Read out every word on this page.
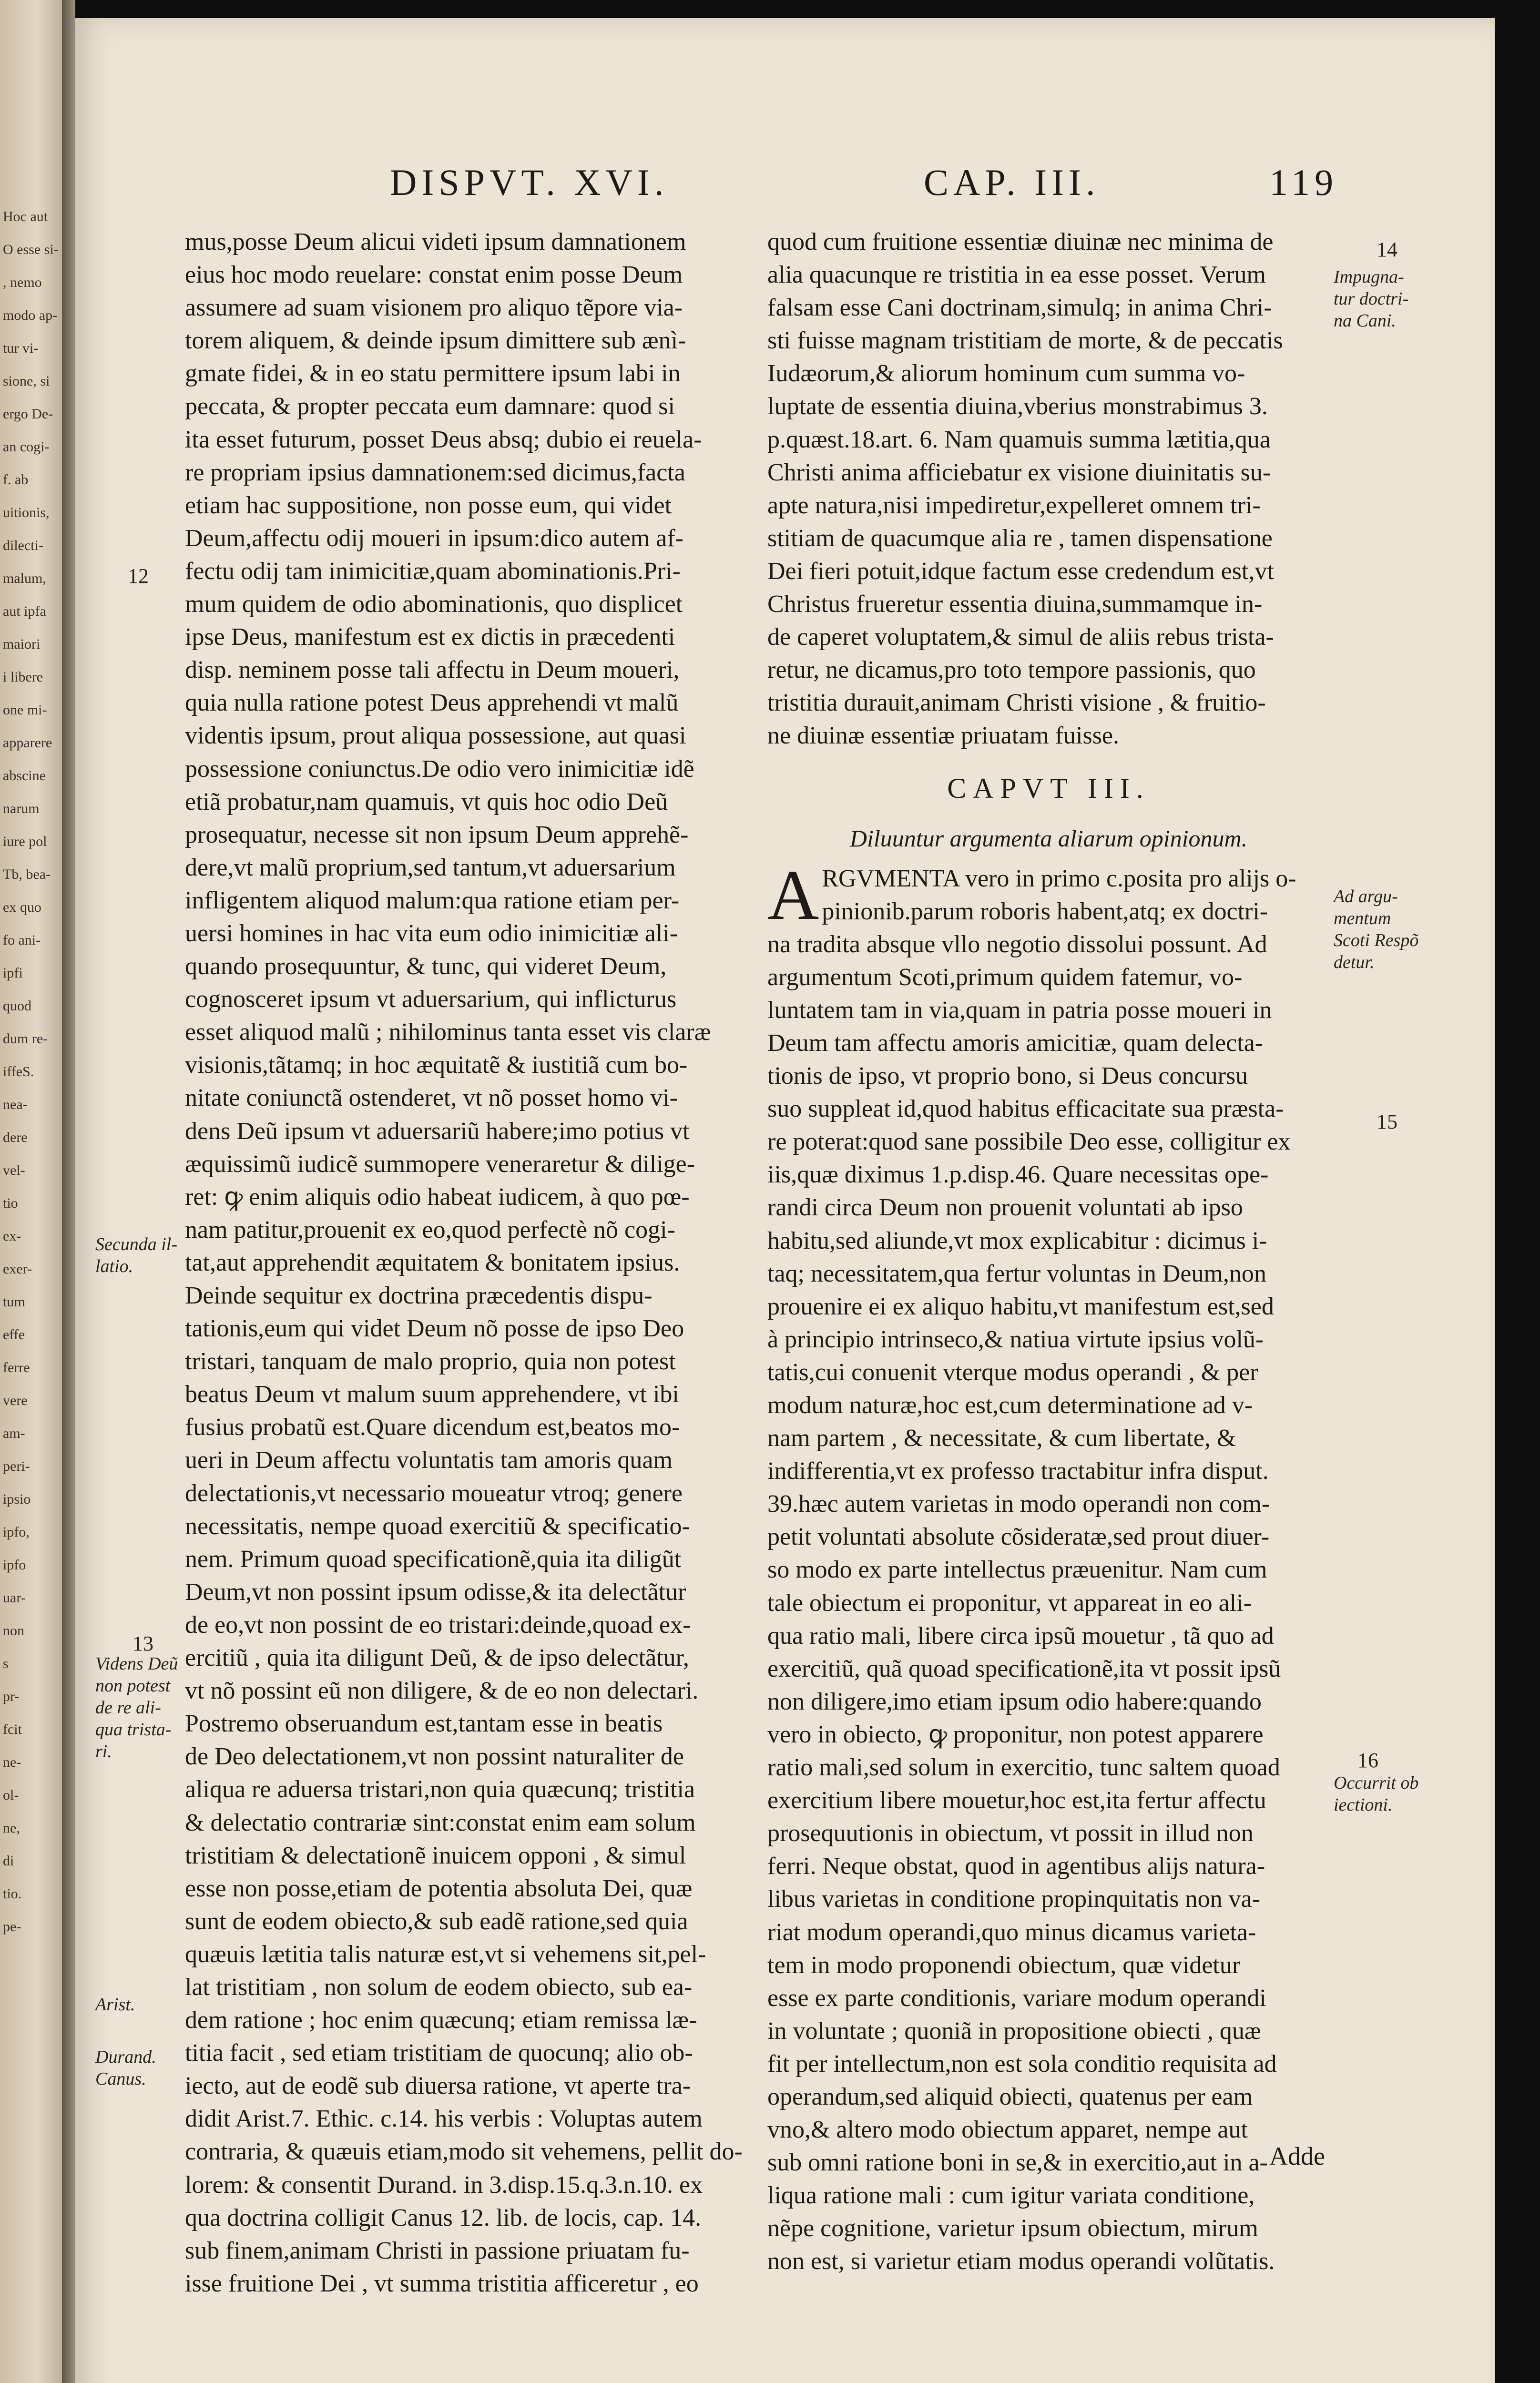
Hoc aut
O esse si-
, nemo
modo ap-
tur vi-
sione, si
ergo De-
an cogi-
f. ab
uitionis,
dilecti-
malum,
aut ipfa
maiori
i libere
one mi-
apparere
abscine
narum
iure pol
Tb, bea-
ex quo
fo ani-
ipfi
quod
dum re-
iffeS.
nea-
dere
vel-
tio
ex-
exer-
tum
effe
ferre
vere
am-
peri-
ipsio
ipfo,
ipfo
uar-
non
s
pr-
fcit
ne-
ol-
ne,
di
tio.
pe-
DISPVT. XVI.	CAP. III.	119
mus,posse Deum alicui videti ipsum damnationem
eius hoc modo reuelare: constat enim posse Deum
assumere ad suam visionem pro aliquo tẽpore via-
torem aliquem, & deinde ipsum dimittere sub ænì-
gmate fidei, & in eo statu permittere ipsum labi in
peccata, & propter peccata eum damnare: quod si
ita esset futurum, posset Deus absq; dubio ei reuela-
re propriam ipsius damnationem:sed dicimus,facta
etiam hac suppositione, non posse eum, qui videt
Deum,affectu odij moueri in ipsum:dico autem af-
fectu odij tam inimicitiæ,quam abominationis.Pri-
mum quidem de odio abominationis, quo displicet
ipse Deus, manifestum est ex dictis in præcedenti
disp. neminem posse tali affectu in Deum moueri,
quia nulla ratione potest Deus apprehendi vt malũ
videntis ipsum, prout aliqua possessione, aut quasi
possessione coniunctus.De odio vero inimicitiæ idẽ
etiã probatur,nam quamuis, vt quis hoc odio Deũ
prosequatur, necesse sit non ipsum Deum apprehẽ-
dere,vt malũ proprium,sed tantum,vt aduersarium
infligentem aliquod malum:qua ratione etiam per-
uersi homines in hac vita eum odio inimicitiæ ali-
quando prosequuntur, & tunc, qui videret Deum,
cognosceret ipsum vt aduersarium, qui inflicturus
esset aliquod malũ ; nihilominus tanta esset vis claræ
visionis,tãtamq; in hoc æquitatẽ & iustitiã cum bo-
nitate coniunctã ostenderet, vt nõ posset homo vi-
dens Deũ ipsum vt aduersariũ habere;imo potius vt
æquissimũ iudicẽ summopere veneraretur & dilige-
ret: ꝙ enim aliquis odio habeat iudicem, à quo pœ-
nam patitur,prouenit ex eo,quod perfectè nõ cogi-
tat,aut apprehendit æquitatem & bonitatem ipsius.
Deinde sequitur ex doctrina præcedentis dispu-
tationis,eum qui videt Deum nõ posse de ipso Deo
tristari, tanquam de malo proprio, quia non potest
beatus Deum vt malum suum apprehendere, vt ibi
fusius probatũ est.Quare dicendum est,beatos mo-
ueri in Deum affectu voluntatis tam amoris quam
delectationis,vt necessario moueatur vtroq; genere
necessitatis, nempe quoad exercitiũ & specificatio-
nem. Primum quoad specificationẽ,quia ita diligũt
Deum,vt non possint ipsum odisse,& ita delectãtur
de eo,vt non possint de eo tristari:deinde,quoad ex-
ercitiũ , quia ita diligunt Deũ, & de ipso delectãtur,
vt nõ possint eũ non diligere, & de eo non delectari.
Postremo obseruandum est,tantam esse in beatis
de Deo delectationem,vt non possint naturaliter de
aliqua re aduersa tristari,non quia quæcunq; tristitia
& delectatio contrariæ sint:constat enim eam solum
tristitiam & delectationẽ inuicem opponi , & simul
esse non posse,etiam de potentia absoluta Dei, quæ
sunt de eodem obiecto,& sub eadẽ ratione,sed quia
quæuis lætitia talis naturæ est,vt si vehemens sit,pel-
lat tristitiam , non solum de eodem obiecto, sub ea-
dem ratione ; hoc enim quæcunq; etiam remissa læ-
titia facit , sed etiam tristitiam de quocunq; alio ob-
iecto, aut de eodẽ sub diuersa ratione, vt aperte tra-
didit Arist.7. Ethic. c.14. his verbis : Voluptas autem
contraria, & quæuis etiam,modo sit vehemens, pellit do-
lorem: & consentit Durand. in 3.disp.15.q.3.n.10. ex
qua doctrina colligit Canus 12. lib. de locis, cap. 14.
sub finem,animam Christi in passione priuatam fu-
isse fruitione Dei , vt summa tristitia afficeretur , eo
quod cum fruitione essentiæ diuinæ nec minima de
alia quacunque re tristitia in ea esse posset. Verum
falsam esse Cani doctrinam,simulq; in anima Chri-
sti fuisse magnam tristitiam de morte, & de peccatis
Iudæorum,& aliorum hominum cum summa vo-
luptate de essentia diuina,vberius monstrabimus 3.
p.quæst.18.art. 6. Nam quamuis summa lætitia,qua
Christi anima afficiebatur ex visione diuinitatis su-
apte natura,nisi impediretur,expelleret omnem tri-
stitiam de quacumque alia re , tamen dispensatione
Dei fieri potuit,idque factum esse credendum est,vt
Christus frueretur essentia diuina,summamque in-
de caperet voluptatem,& simul de aliis rebus trista-
retur, ne dicamus,pro toto tempore passionis, quo
tristitia durauit,animam Christi visione , & fruitio-
ne diuinæ essentiæ priuatam fuisse.
CAPVT III.
Diluuntur argumenta aliarum opinionum.
A RGVMENTA vero in primo c.posita pro alijs o-
pinionib.parum roboris habent,atq; ex doctri-
na tradita absque vllo negotio dissolui possunt. Ad
argumentum Scoti,primum quidem fatemur, vo-
luntatem tam in via,quam in patria posse moueri in
Deum tam affectu amoris amicitiæ, quam delecta-
tionis de ipso, vt proprio bono, si Deus concursu
suo suppleat id,quod habitus efficacitate sua præsta-
re poterat:quod sane possibile Deo esse, colligitur ex
iis,quæ diximus 1.p.disp.46. Quare necessitas ope-
randi circa Deum non prouenit voluntati ab ipso
habitu,sed aliunde,vt mox explicabitur : dicimus i-
taq; necessitatem,qua fertur voluntas in Deum,non
prouenire ei ex aliquo habitu,vt manifestum est,sed
à principio intrinseco,& natiua virtute ipsius volũ-
tatis,cui conuenit vterque modus operandi , & per
modum naturæ,hoc est,cum determinatione ad v-
nam partem , & necessitate, & cum libertate, &
indifferentia,vt ex professo tractabitur infra disput.
39.hæc autem varietas in modo operandi non com-
petit voluntati absolute cõsideratæ,sed prout diuer-
so modo ex parte intellectus præuenitur. Nam cum
tale obiectum ei proponitur, vt appareat in eo ali-
qua ratio mali, libere circa ipsũ mouetur , tã quo ad
exercitiũ, quã quoad specificationẽ,ita vt possit ipsũ
non diligere,imo etiam ipsum odio habere:quando
vero in obiecto, ꝙ proponitur, non potest apparere
ratio mali,sed solum in exercitio, tunc saltem quoad
exercitium libere mouetur,hoc est,ita fertur affectu
prosequutionis in obiectum, vt possit in illud non
ferri. Neque obstat, quod in agentibus alijs natura-
libus varietas in conditione propinquitatis non va-
riat modum operandi,quo minus dicamus varieta-
tem in modo proponendi obiectum, quæ videtur
esse ex parte conditionis, variare modum operandi
in voluntate ; quoniã in propositione obiecti , quæ
fit per intellectum,non est sola conditio requisita ad
operandum,sed aliquid obiecti, quatenus per eam
vno,& altero modo obiectum apparet, nempe aut
sub omni ratione boni in se,& in exercitio,aut in a-
liqua ratione mali : cum igitur variata conditione,
nẽpe cognitione, varietur ipsum obiectum, mirum
non est, si varietur etiam modus operandi volũtatis.
12
Secunda il-
latio.
13
Videns Deũ
non potest
de re ali-
qua trista-
ri.
Arist.
Durand.
Canus.
14
Impugna-
tur doctri-
na Cani.
Ad argu-
mentum
Scoti Respõ
detur.
15
16
Occurrit ob
iectioni.
Adde
